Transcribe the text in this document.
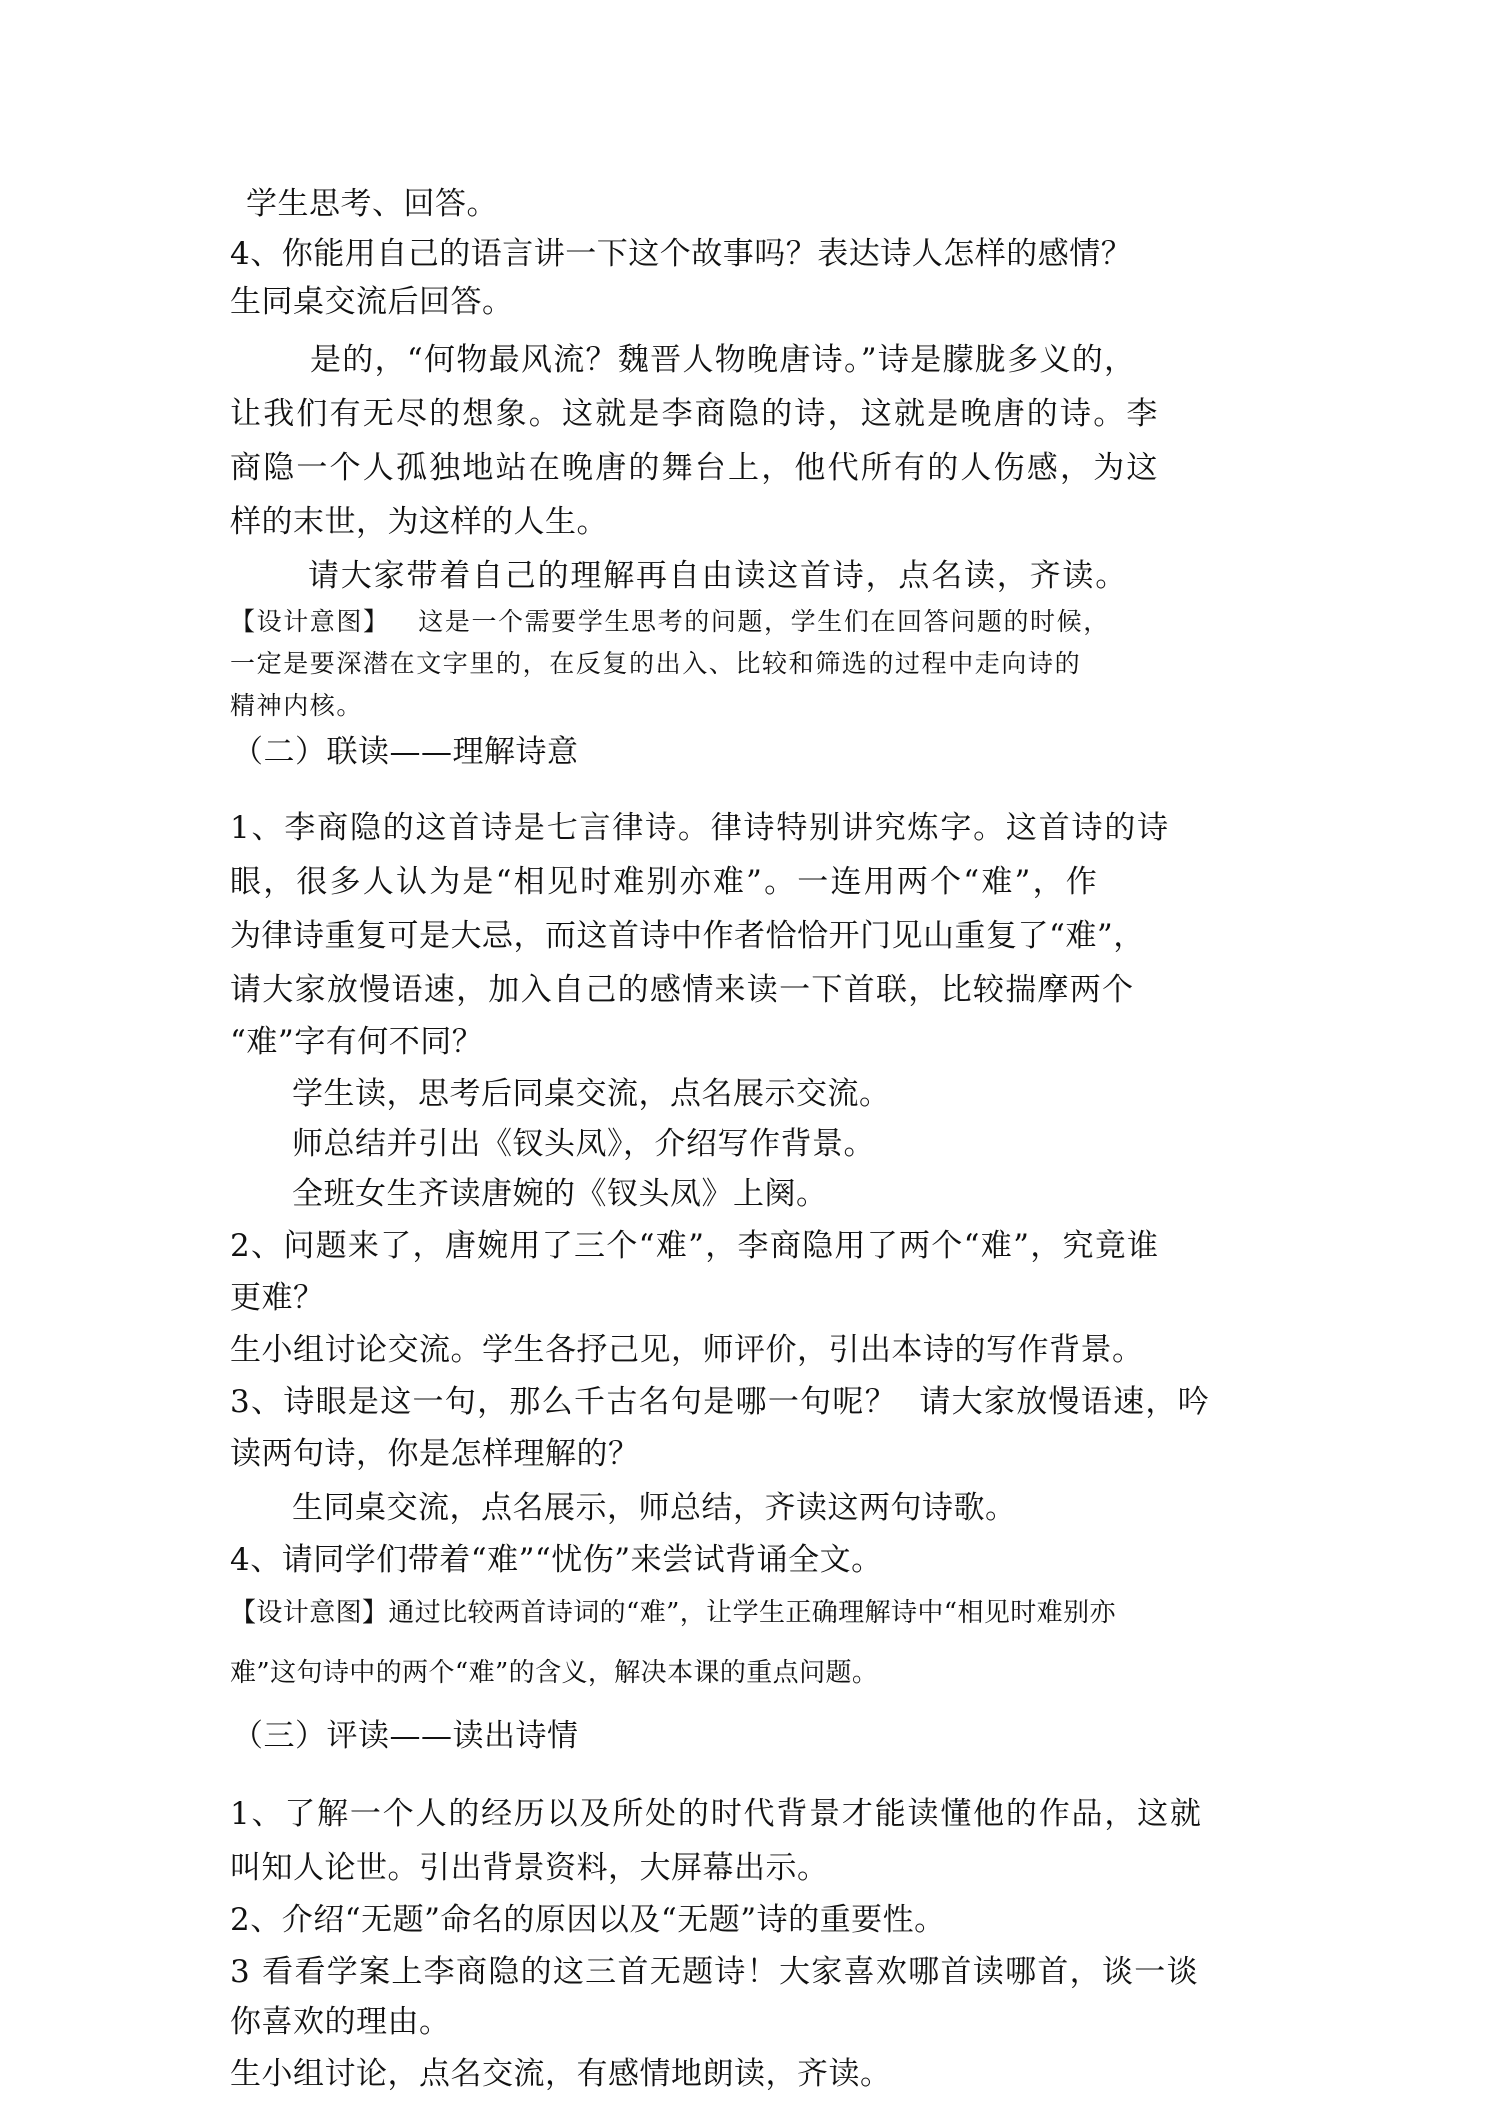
学生思考、回答。
4、你能用自己的语言讲一下这个故事吗？表达诗人怎样的感情？
生同桌交流后回答。
是的，“何物最风流？魏晋人物晚唐诗。”诗是朦胧多义的，
让我们有无尽的想象。这就是李商隐的诗，这就是晚唐的诗。李
商隐一个人孤独地站在晚唐的舞台上，他代所有的人伤感，为这
样的末世，为这样的人生。
请大家带着自己的理解再自由读这首诗，点名读，齐读。
【设计意图】   这是一个需要学生思考的问题，学生们在回答问题的时候，
一定是要深潜在文字里的，在反复的出入、比较和筛选的过程中走向诗的
精神内核。
（二）联读——理解诗意
1、李商隐的这首诗是七言律诗。律诗特别讲究炼字。这首诗的诗
眼，很多人认为是“相见时难别亦难”。一连用两个“难”，作
为律诗重复可是大忌，而这首诗中作者恰恰开门见山重复了“难”，
请大家放慢语速，加入自己的感情来读一下首联，比较揣摩两个
“难”字有何不同？
学生读，思考后同桌交流，点名展示交流。
师总结并引出《钗头凤》，介绍写作背景。
全班女生齐读唐婉的《钗头凤》上阕。
2、问题来了，唐婉用了三个“难”，李商隐用了两个“难”，究竟谁
更难？
生小组讨论交流。学生各抒己见，师评价，引出本诗的写作背景。
3、诗眼是这一句，那么千古名句是哪一句呢？  请大家放慢语速，吟
读两句诗，你是怎样理解的？
生同桌交流，点名展示，师总结，齐读这两句诗歌。
4、请同学们带着“难”“忧伤”来尝试背诵全文。
【设计意图】通过比较两首诗词的“难”，让学生正确理解诗中“相见时难别亦
难”这句诗中的两个“难”的含义，解决本课的重点问题。
（三）评读——读出诗情
1、了解一个人的经历以及所处的时代背景才能读懂他的作品，这就
叫知人论世。引出背景资料，大屏幕出示。
2、介绍“无题”命名的原因以及“无题”诗的重要性。
3 看看学案上李商隐的这三首无题诗！大家喜欢哪首读哪首，谈一谈
你喜欢的理由。
生小组讨论，点名交流，有感情地朗读，齐读。
